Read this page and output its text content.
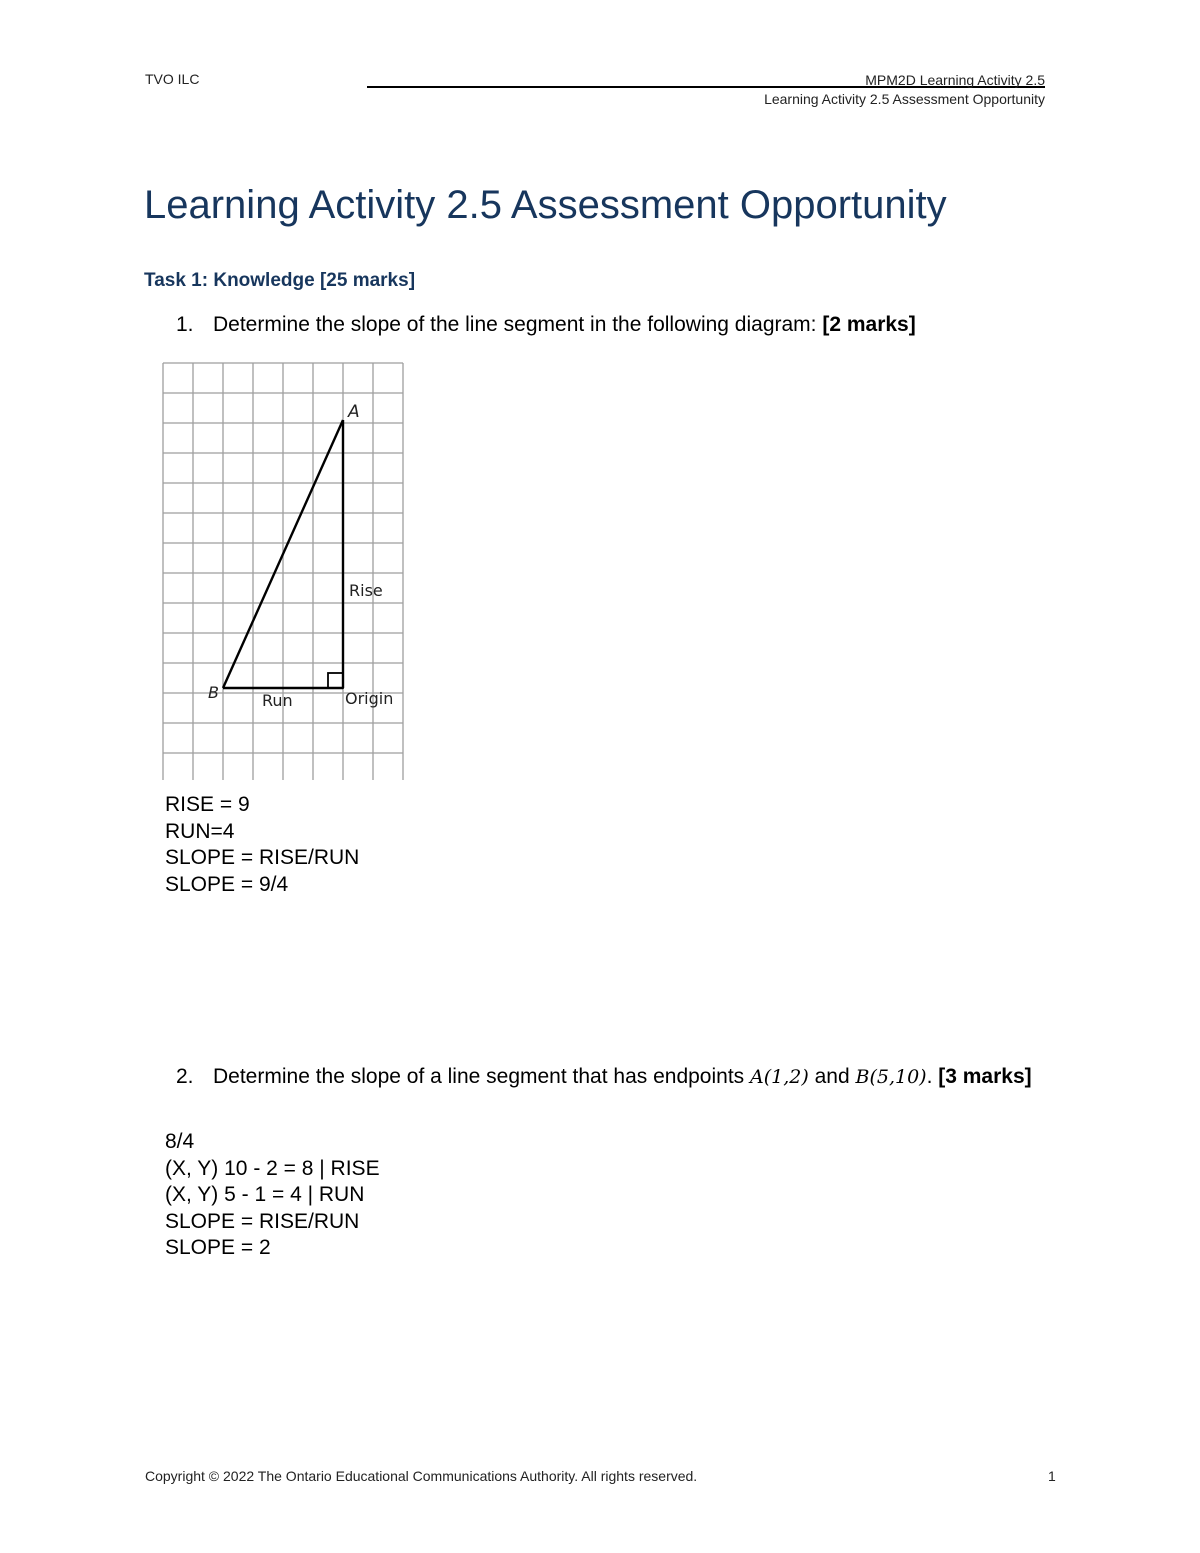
TVO ILC	MPM2D Learning Activity 2.5
Learning Activity 2.5 Assessment Opportunity
Learning Activity 2.5 Assessment Opportunity
Task 1: Knowledge [25 marks]
1. Determine the slope of the line segment in the following diagram: [2 marks]
A
B
Rise
Run	Origin
RISE = 9
RUN=4
SLOPE = RISE/RUN
SLOPE = 9/4
2. Determine the slope of a line segment that has endpoints A(1,2) and B(5,10). [3 marks]
8/4
(X, Y) 10 - 2 = 8 | RISE
(X, Y) 5 - 1 = 4 | RUN
SLOPE = RISE/RUN
SLOPE = 2
Copyright © 2022 The Ontario Educational Communications Authority. All rights reserved.	1
